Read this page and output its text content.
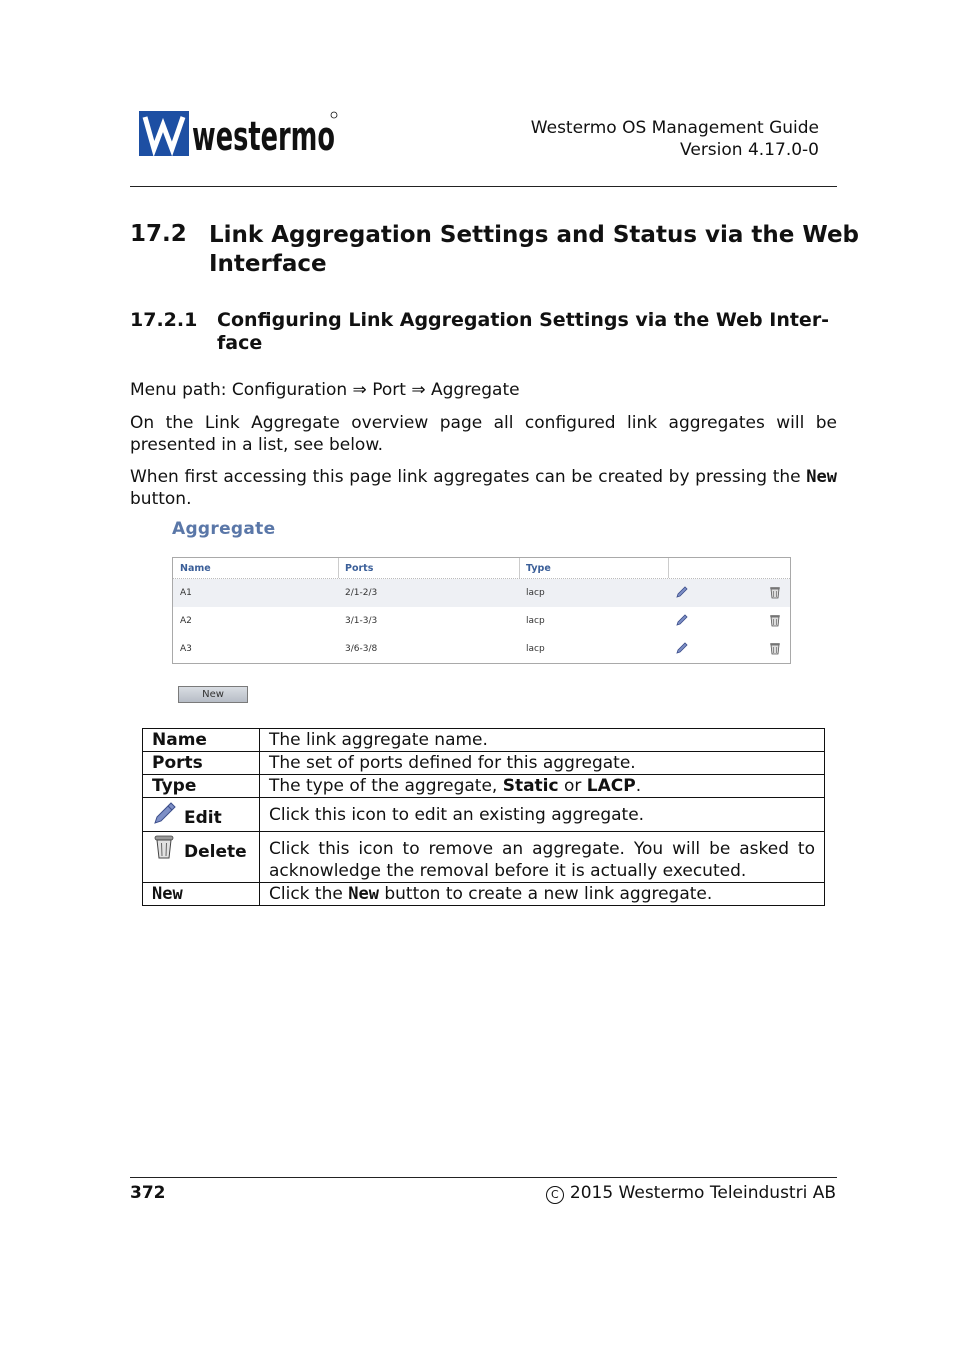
westermo	Westermo OS Management Guide
Version 4.17.0-0
17.2 Link Aggregation Settings and Status via the Web Interface
17.2.1 Configuring Link Aggregation Settings via the Web Inter-
face
Menu path: Configuration ⇒ Port ⇒ Aggregate
On the Link Aggregate overview page all configured link aggregates will be presented in a list, see below.
When first accessing this page link aggregates can be created by pressing the New button.
Aggregate
Name	Ports	Type
A1	2/1-2/3	lacp
A2	3/1-3/3	lacp
A3	3/6-3/8	lacp
New
Name	The link aggregate name.
Ports	The set of ports defined for this aggregate.
Type	The type of the aggregate, Static or LACP.
Edit	Click this icon to edit an existing aggregate.
Delete	Click this icon to remove an aggregate. You will be asked to acknowledge the removal before it is actually executed.
New	Click the New button to create a new link aggregate.
372	C 2015 Westermo Teleindustri AB
